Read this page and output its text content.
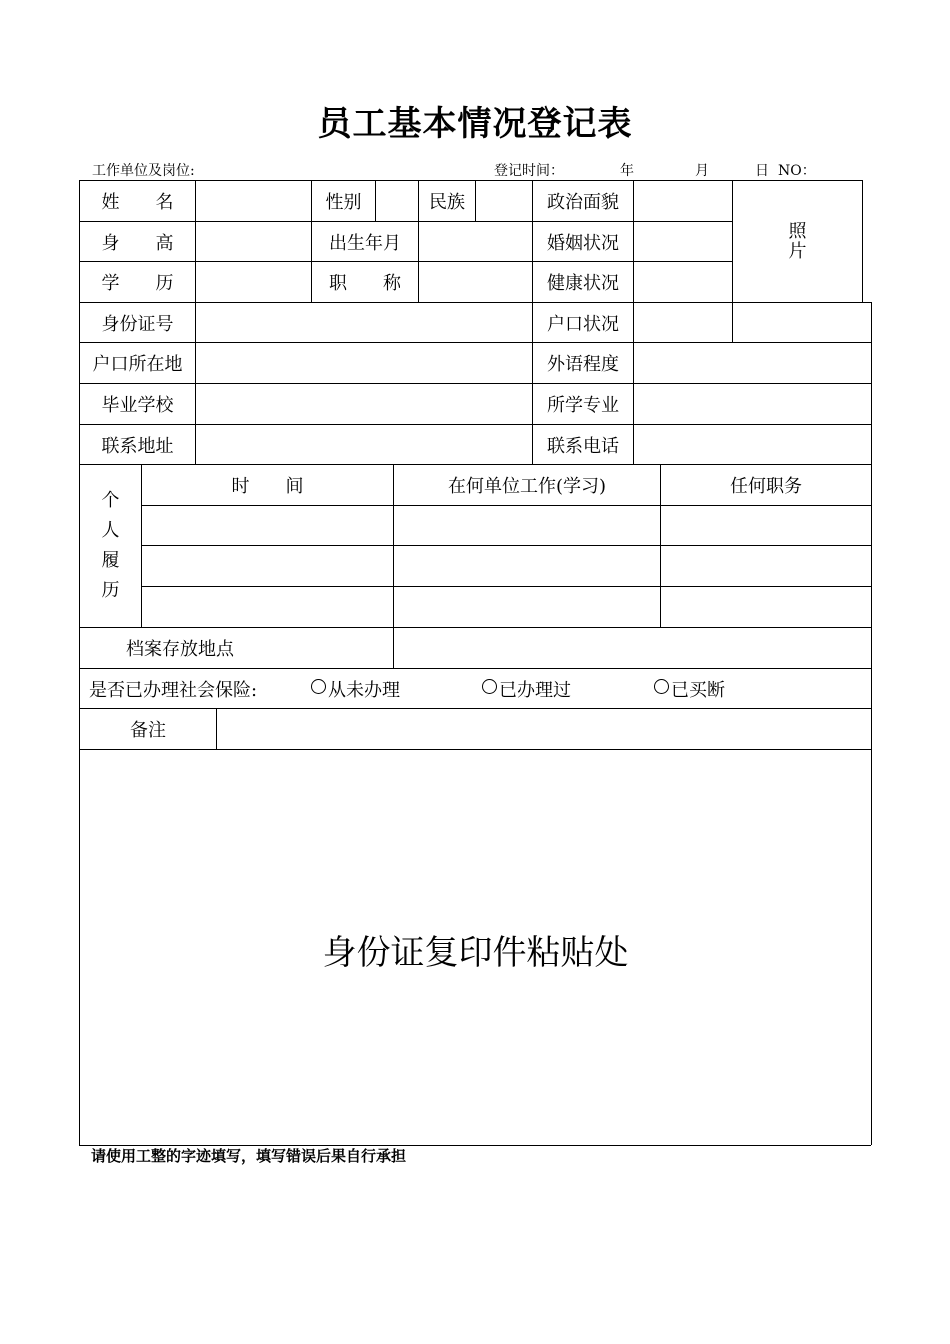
员工基本情况登记表
工作单位及岗位:	登记时间：	年	月	日 NO：
姓　　名	性别	民族	政治面貌
照
片
身　　高	出生年月	婚姻状况
学　　历	职　　称	健康状况
身份证号	户口状况
户口所在地	外语程度
毕业学校	所学专业
联系地址	联系电话
个
人
履
历
时　　间	在何单位工作(学习)	任何职务
档案存放地点
是否已办理社会保险:	从未办理	已办理过	已买断
备注
身份证复印件粘贴处
请使用工整的字迹填写，填写错误后果自行承担
